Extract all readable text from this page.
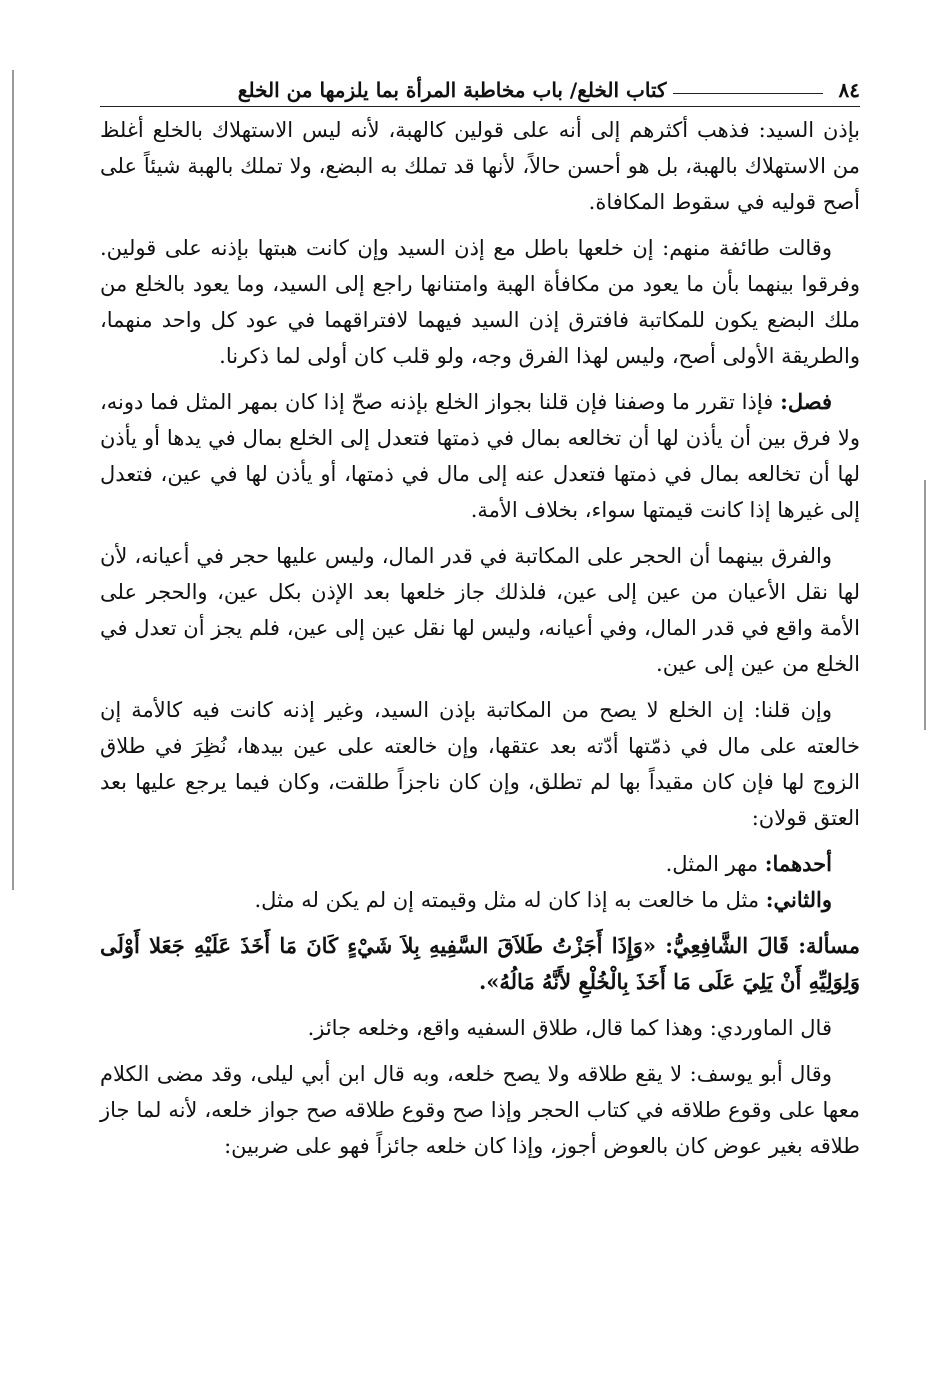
٨٤
كتاب الخلع/ باب مخاطبة المرأة بما يلزمها من الخلع

بإذن السيد: فذهب أكثرهم إلى أنه على قولين كالهبة، لأنه ليس الاستهلاك بالخلع أغلظ من الاستهلاك بالهبة، بل هو أحسن حالاً، لأنها قد تملك به البضع، ولا تملك بالهبة شيئاً على أصح قوليه في سقوط المكافاة.

وقالت طائفة منهم: إن خلعها باطل مع إذن السيد وإن كانت هبتها بإذنه على قولين. وفرقوا بينهما بأن ما يعود من مكافأة الهبة وامتنانها راجع إلى السيد، وما يعود بالخلع من ملك البضع يكون للمكاتبة فافترق إذن السيد فيهما لافتراقهما في عود كل واحد منهما، والطريقة الأولى أصح، وليس لهذا الفرق وجه، ولو قلب كان أولى لما ذكرنا.

فصل: فإذا تقرر ما وصفنا فإن قلنا بجواز الخلع بإذنه صحّ إذا كان بمهر المثل فما دونه، ولا فرق بين أن يأذن لها أن تخالعه بمال في ذمتها فتعدل إلى الخلع بمال في يدها أو يأذن لها أن تخالعه بمال في ذمتها فتعدل عنه إلى مال في ذمتها، أو يأذن لها في عين، فتعدل إلى غيرها إذا كانت قيمتها سواء، بخلاف الأمة.

والفرق بينهما أن الحجر على المكاتبة في قدر المال، وليس عليها حجر في أعيانه، لأن لها نقل الأعيان من عين إلى عين، فلذلك جاز خلعها بعد الإذن بكل عين، والحجر على الأمة واقع في قدر المال، وفي أعيانه، وليس لها نقل عين إلى عين، فلم يجز أن تعدل في الخلع من عين إلى عين.

وإن قلنا: إن الخلع لا يصح من المكاتبة بإذن السيد، وغير إذنه كانت فيه كالأمة إن خالعته على مال في ذمّتها أدّته بعد عتقها، وإن خالعته على عين بيدها، نُظِرَ في طلاق الزوج لها فإن كان مقيداً بها لم تطلق، وإن كان ناجزاً طلقت، وكان فيما يرجع عليها بعد العتق قولان:

أحدهما: مهر المثل.
والثاني: مثل ما خالعت به إذا كان له مثل وقيمته إن لم يكن له مثل.

مسألة: قَالَ الشَّافِعِيُّ: «وَإِذَا أَجَزْتُ طَلاَقَ السَّفِيهِ بِلاَ شَيْءٍ كَانَ مَا أَخَذَ عَلَيْهِ جَعَلا أَوْلَى وَلِوَلِيِّهِ أَنْ يَلِيَ عَلَى مَا أَخَذَ بِالْخُلْعِ لأَنَّهُ مَالُهُ».

قال الماوردي: وهذا كما قال، طلاق السفيه واقع، وخلعه جائز.

وقال أبو يوسف: لا يقع طلاقه ولا يصح خلعه، وبه قال ابن أبي ليلى، وقد مضى الكلام معها على وقوع طلاقه في كتاب الحجر وإذا صح وقوع طلاقه صح جواز خلعه، لأنه لما جاز طلاقه بغير عوض كان بالعوض أجوز، وإذا كان خلعه جائزاً فهو على ضربين:
